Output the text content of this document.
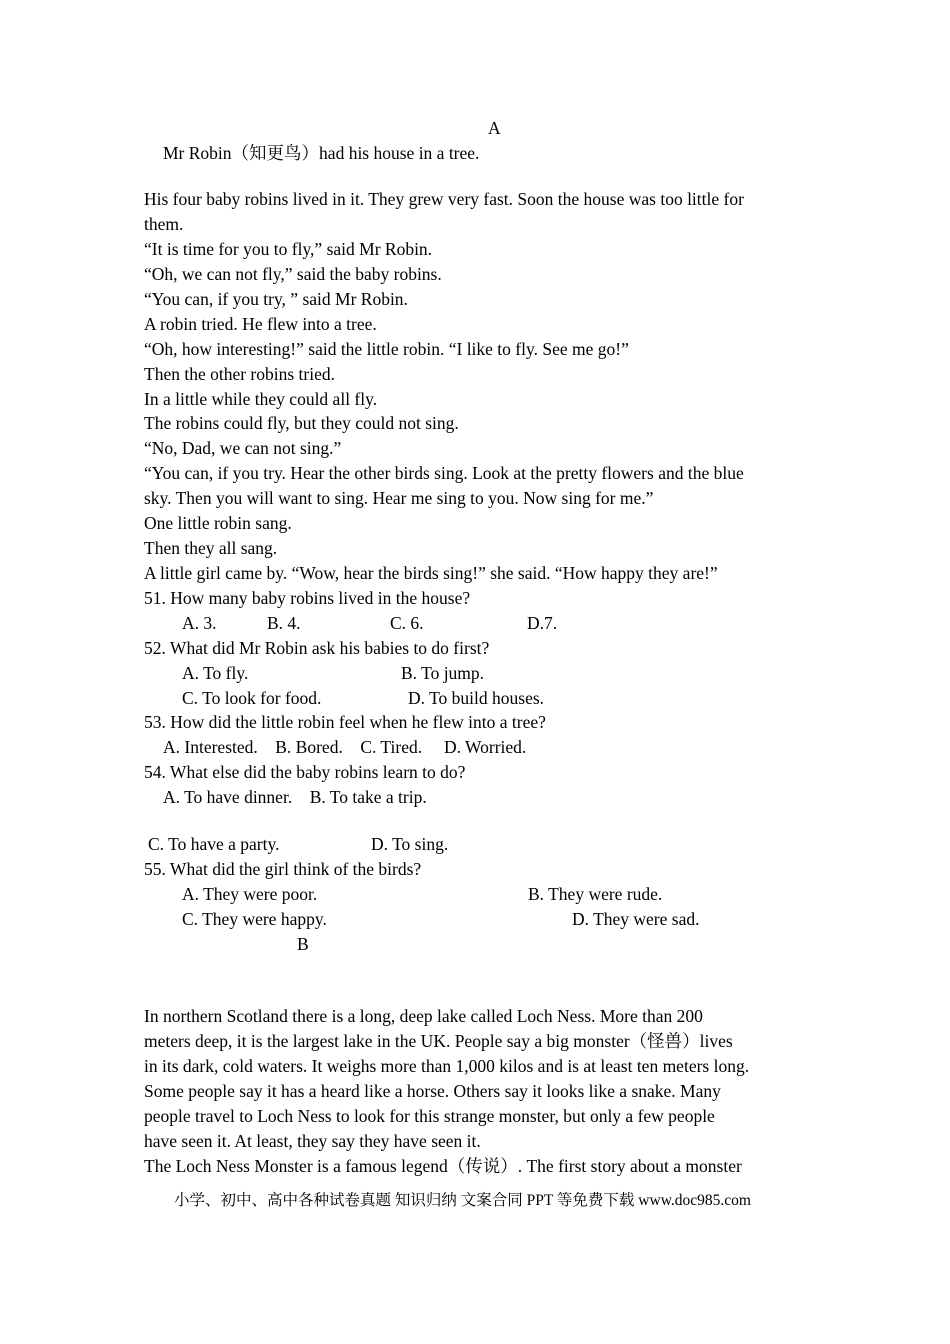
A
Mr Robin（知更鸟）had his house in a tree.
His four baby robins lived in it. They grew very fast. Soon the house was too little for
them.
“It is time for you to fly,” said Mr Robin.
“Oh, we can not fly,” said the baby robins.
“You can, if you try, ” said Mr Robin.
A robin tried. He flew into a tree.
“Oh, how interesting!” said the little robin. “I like to fly. See me go!”
Then the other robins tried.
In a little while they could all fly.
The robins could fly, but they could not sing.
“No, Dad, we can not sing.”
“You can, if you try. Hear the other birds sing. Look at the pretty flowers and the blue
sky. Then you will want to sing. Hear me sing to you. Now sing for me.”
One little robin sang.
Then they all sang.
A little girl came by. “Wow, hear the birds sing!” she said. “How happy they are!”
51. How many baby robins lived in the house?
A. 3.	B. 4.	C. 6.	D.7.
52. What did Mr Robin ask his babies to do first?
A. To fly.	B. To jump.
C. To look for food.	D. To build houses.
53. How did the little robin feel when he flew into a tree?
A. Interested.    B. Bored.    C. Tired.     D. Worried.
54. What else did the baby robins learn to do?
A. To have dinner.    B. To take a trip.
C. To have a party.	D. To sing.
55. What did the girl think of the birds?
A. They were poor.	B. They were rude.
C. They were happy.	D. They were sad.
B
In northern Scotland there is a long, deep lake called Loch Ness. More than 200
meters deep, it is the largest lake in the UK. People say a big monster（怪兽）lives
in its dark, cold waters. It weighs more than 1,000 kilos and is at least ten meters long.
Some people say it has a heard like a horse. Others say it looks like a snake. Many
people travel to Loch Ness to look for this strange monster, but only a few people
have seen it. At least, they say they have seen it.
The Loch Ness Monster is a famous legend（传说）. The first story about a monster
小学、初中、高中各种试卷真题 知识归纳 文案合同 PPT 等免费下载 www.doc985.com
